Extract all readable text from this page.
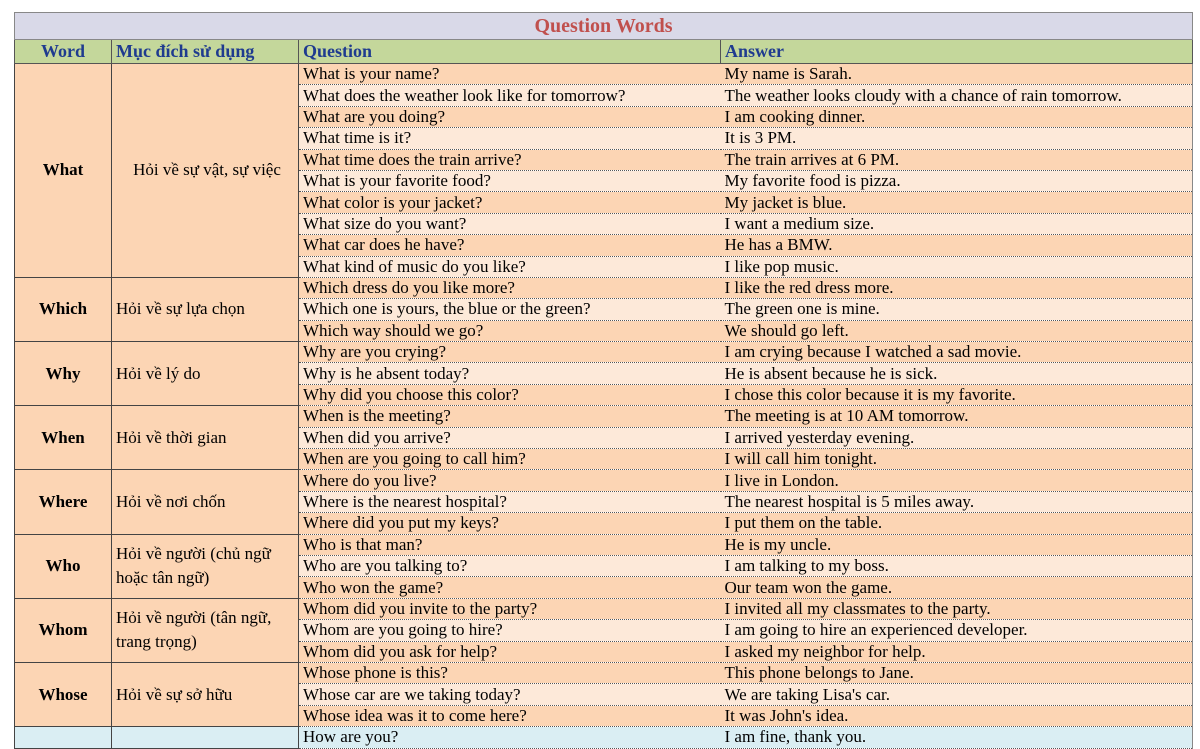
Question Words			
Word	Mục đích sử dụng	Question	Answer
What	Hỏi về sự vật, sự việc	What is your name?	My name is Sarah.
		What does the weather look like for tomorrow?	The weather looks cloudy with a chance of rain tomorrow.
		What are you doing?	I am cooking dinner.
		What time is it?	It is 3 PM.
		What time does the train arrive?	The train arrives at 6 PM.
		What is your favorite food?	My favorite food is pizza.
		What color is your jacket?	My jacket is blue.
		What size do you want?	I want a medium size.
		What car does he have?	He has a BMW.
		What kind of music do you like?	I like pop music.
Which	Hỏi về sự lựa chọn	Which dress do you like more?	I like the red dress more.
		Which one is yours, the blue or the green?	The green one is mine.
		Which way should we go?	We should go left.
Why	Hỏi về lý do	Why are you crying?	I am crying because I watched a sad movie.
		Why is he absent today?	He is absent because he is sick.
		Why did you choose this color?	I chose this color because it is my favorite.
When	Hỏi về thời gian	When is the meeting?	The meeting is at 10 AM tomorrow.
		When did you arrive?	I arrived yesterday evening.
		When are you going to call him?	I will call him tonight.
Where	Hỏi về nơi chốn	Where do you live?	I live in London.
		Where is the nearest hospital?	The nearest hospital is 5 miles away.
		Where did you put my keys?	I put them on the table.
Who	Hỏi về người (chủ ngữ hoặc tân ngữ)	Who is that man?	He is my uncle.
		Who are you talking to?	I am talking to my boss.
		Who won the game?	Our team won the game.
Whom	Hỏi về người (tân ngữ, trang trọng)	Whom did you invite to the party?	I invited all my classmates to the party.
		Whom are you going to hire?	I am going to hire an experienced developer.
		Whom did you ask for help?	I asked my neighbor for help.
Whose	Hỏi về sự sở hữu	Whose phone is this?	This phone belongs to Jane.
		Whose car are we taking today?	We are taking Lisa's car.
		Whose idea was it to come here?	It was John's idea.
		How are you?	I am fine, thank you.
